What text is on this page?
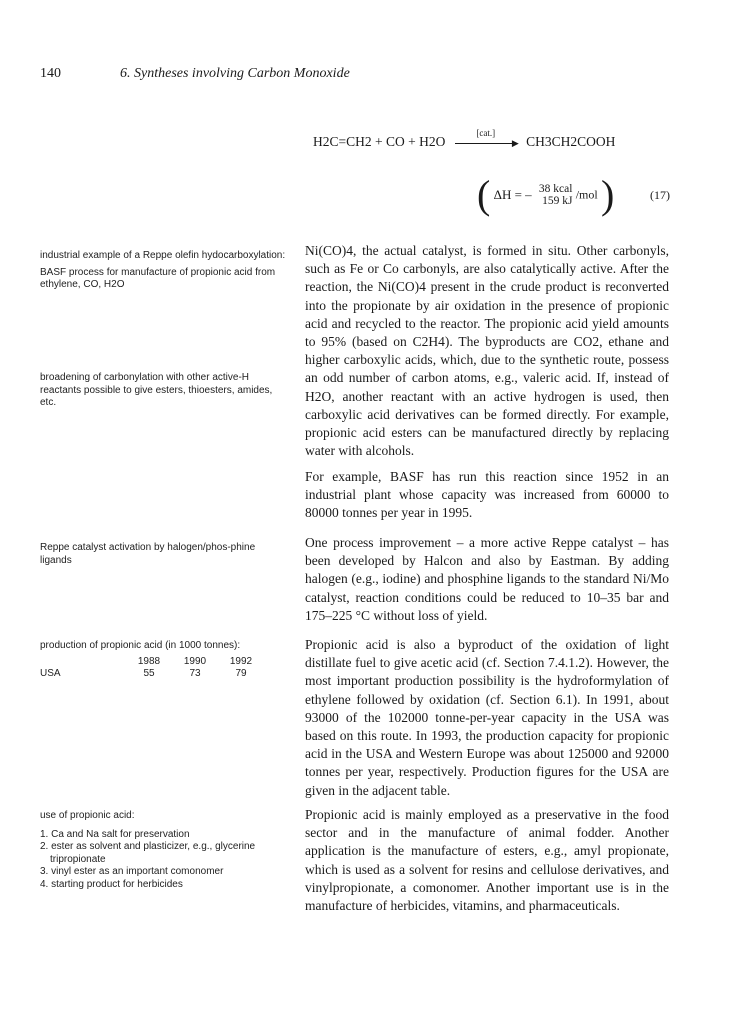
140	6. Syntheses involving Carbon Monoxide
H2C=CH2 + CO + H2O
[cat.]
▶ CH3CH2COOH
( ΔH = – 38 kcal
159 kJ /mol )	(17)

industrial example of a Reppe olefin hydocarboxylation:

BASF process for manufacture of propionic acid from ethylene, CO, H2O

broadening of carbonylation with other active-H reactants possible to give esters, thioesters, amides, etc.

Reppe catalyst activation by halogen/phos-phine ligands

production of propionic acid (in 1000 tonnes):

	1988	1990	1992
USA	55	73	79

use of propionic acid:

1. Ca and Na salt for preservation
2. ester as solvent and plasticizer, e.g., glycerine tripropionate
3. vinyl ester as an important comonomer
4. starting product for herbicides
Ni(CO)4, the actual catalyst, is formed in situ. Other carbonyls, such as Fe or Co carbonyls, are also catalytically active. After the reaction, the Ni(CO)4 present in the crude product is reconverted into the propionate by air oxidation in the presence of propionic acid and recycled to the reactor. The propionic acid yield amounts to 95% (based on C2H4). The byproducts are CO2, ethane and higher carboxylic acids, which, due to the synthetic route, possess an odd number of carbon atoms, e.g., valeric acid. If, instead of H2O, another reactant with an active hydrogen is used, then carboxylic acid derivatives can be formed directly. For example, propionic acid esters can be manufactured directly by replacing water with alcohols.
For example, BASF has run this reaction since 1952 in an industrial plant whose capacity was increased from 60000 to 80000 tonnes per year in 1995.
One process improvement – a more active Reppe catalyst – has been developed by Halcon and also by Eastman. By adding halogen (e.g., iodine) and phosphine ligands to the standard Ni/Mo catalyst, reaction conditions could be reduced to 10–35 bar and 175–225 °C without loss of yield.
Propionic acid is also a byproduct of the oxidation of light distillate fuel to give acetic acid (cf. Section 7.4.1.2). However, the most important production possibility is the hydroformylation of ethylene followed by oxidation (cf. Section 6.1). In 1991, about 93000 of the 102000 tonne-per-year capacity in the USA was based on this route. In 1993, the production capacity for propionic acid in the USA and Western Europe was about 125000 and 92000 tonnes per year, respectively. Production figures for the USA are given in the adjacent table.
Propionic acid is mainly employed as a preservative in the food sector and in the manufacture of animal fodder. Another application is the manufacture of esters, e.g., amyl propionate, which is used as a solvent for resins and cellulose derivatives, and vinylpropionate, a comonomer. Another important use is in the manufacture of herbicides, vitamins, and pharmaceuticals.
